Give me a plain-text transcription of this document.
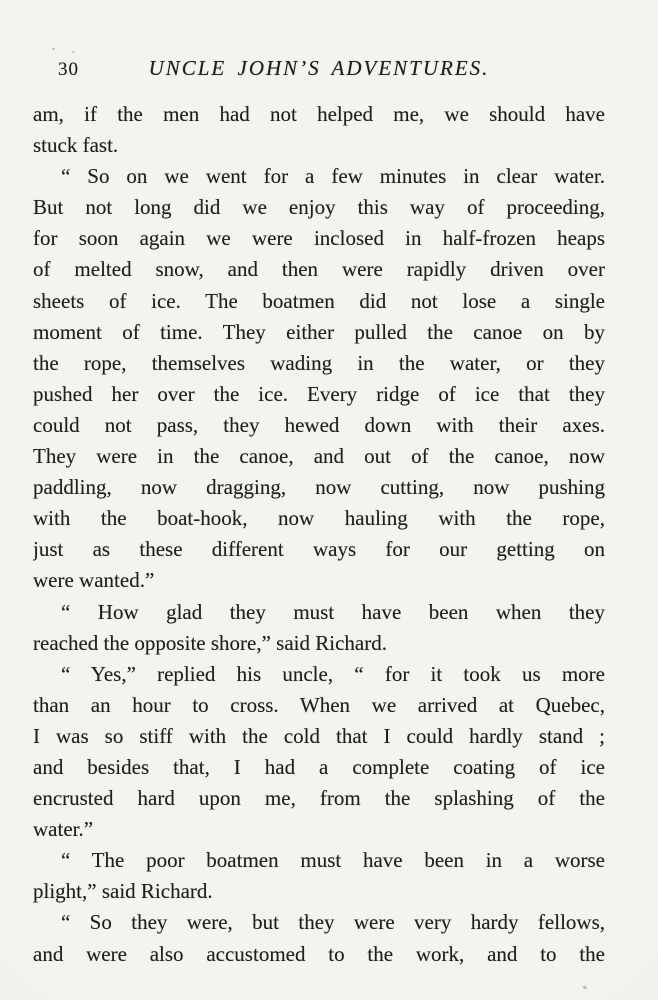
30	UNCLE JOHN’S ADVENTURES.
am, if the men had not helped me, we should have
stuck fast.
“ So on we went for a few minutes in clear water.
But not long did we enjoy this way of proceeding,
for soon again we were inclosed in half-frozen heaps
of melted snow, and then were rapidly driven over
sheets of ice. The boatmen did not lose a single
moment of time. They either pulled the canoe on by
the rope, themselves wading in the water, or they
pushed her over the ice. Every ridge of ice that they
could not pass, they hewed down with their axes.
They were in the canoe, and out of the canoe, now
paddling, now dragging, now cutting, now pushing
with the boat-hook, now hauling with the rope,
just as these different ways for our getting on
were wanted.”
“ How glad they must have been when they
reached the opposite shore,” said Richard.
“ Yes,” replied his uncle, “ for it took us more
than an hour to cross. When we arrived at Quebec,
I was so stiff with the cold that I could hardly stand ;
and besides that, I had a complete coating of ice
encrusted hard upon me, from the splashing of the
water.”
“ The poor boatmen must have been in a worse
plight,” said Richard.
“ So they were, but they were very hardy fellows,
and were also accustomed to the work, and to the
